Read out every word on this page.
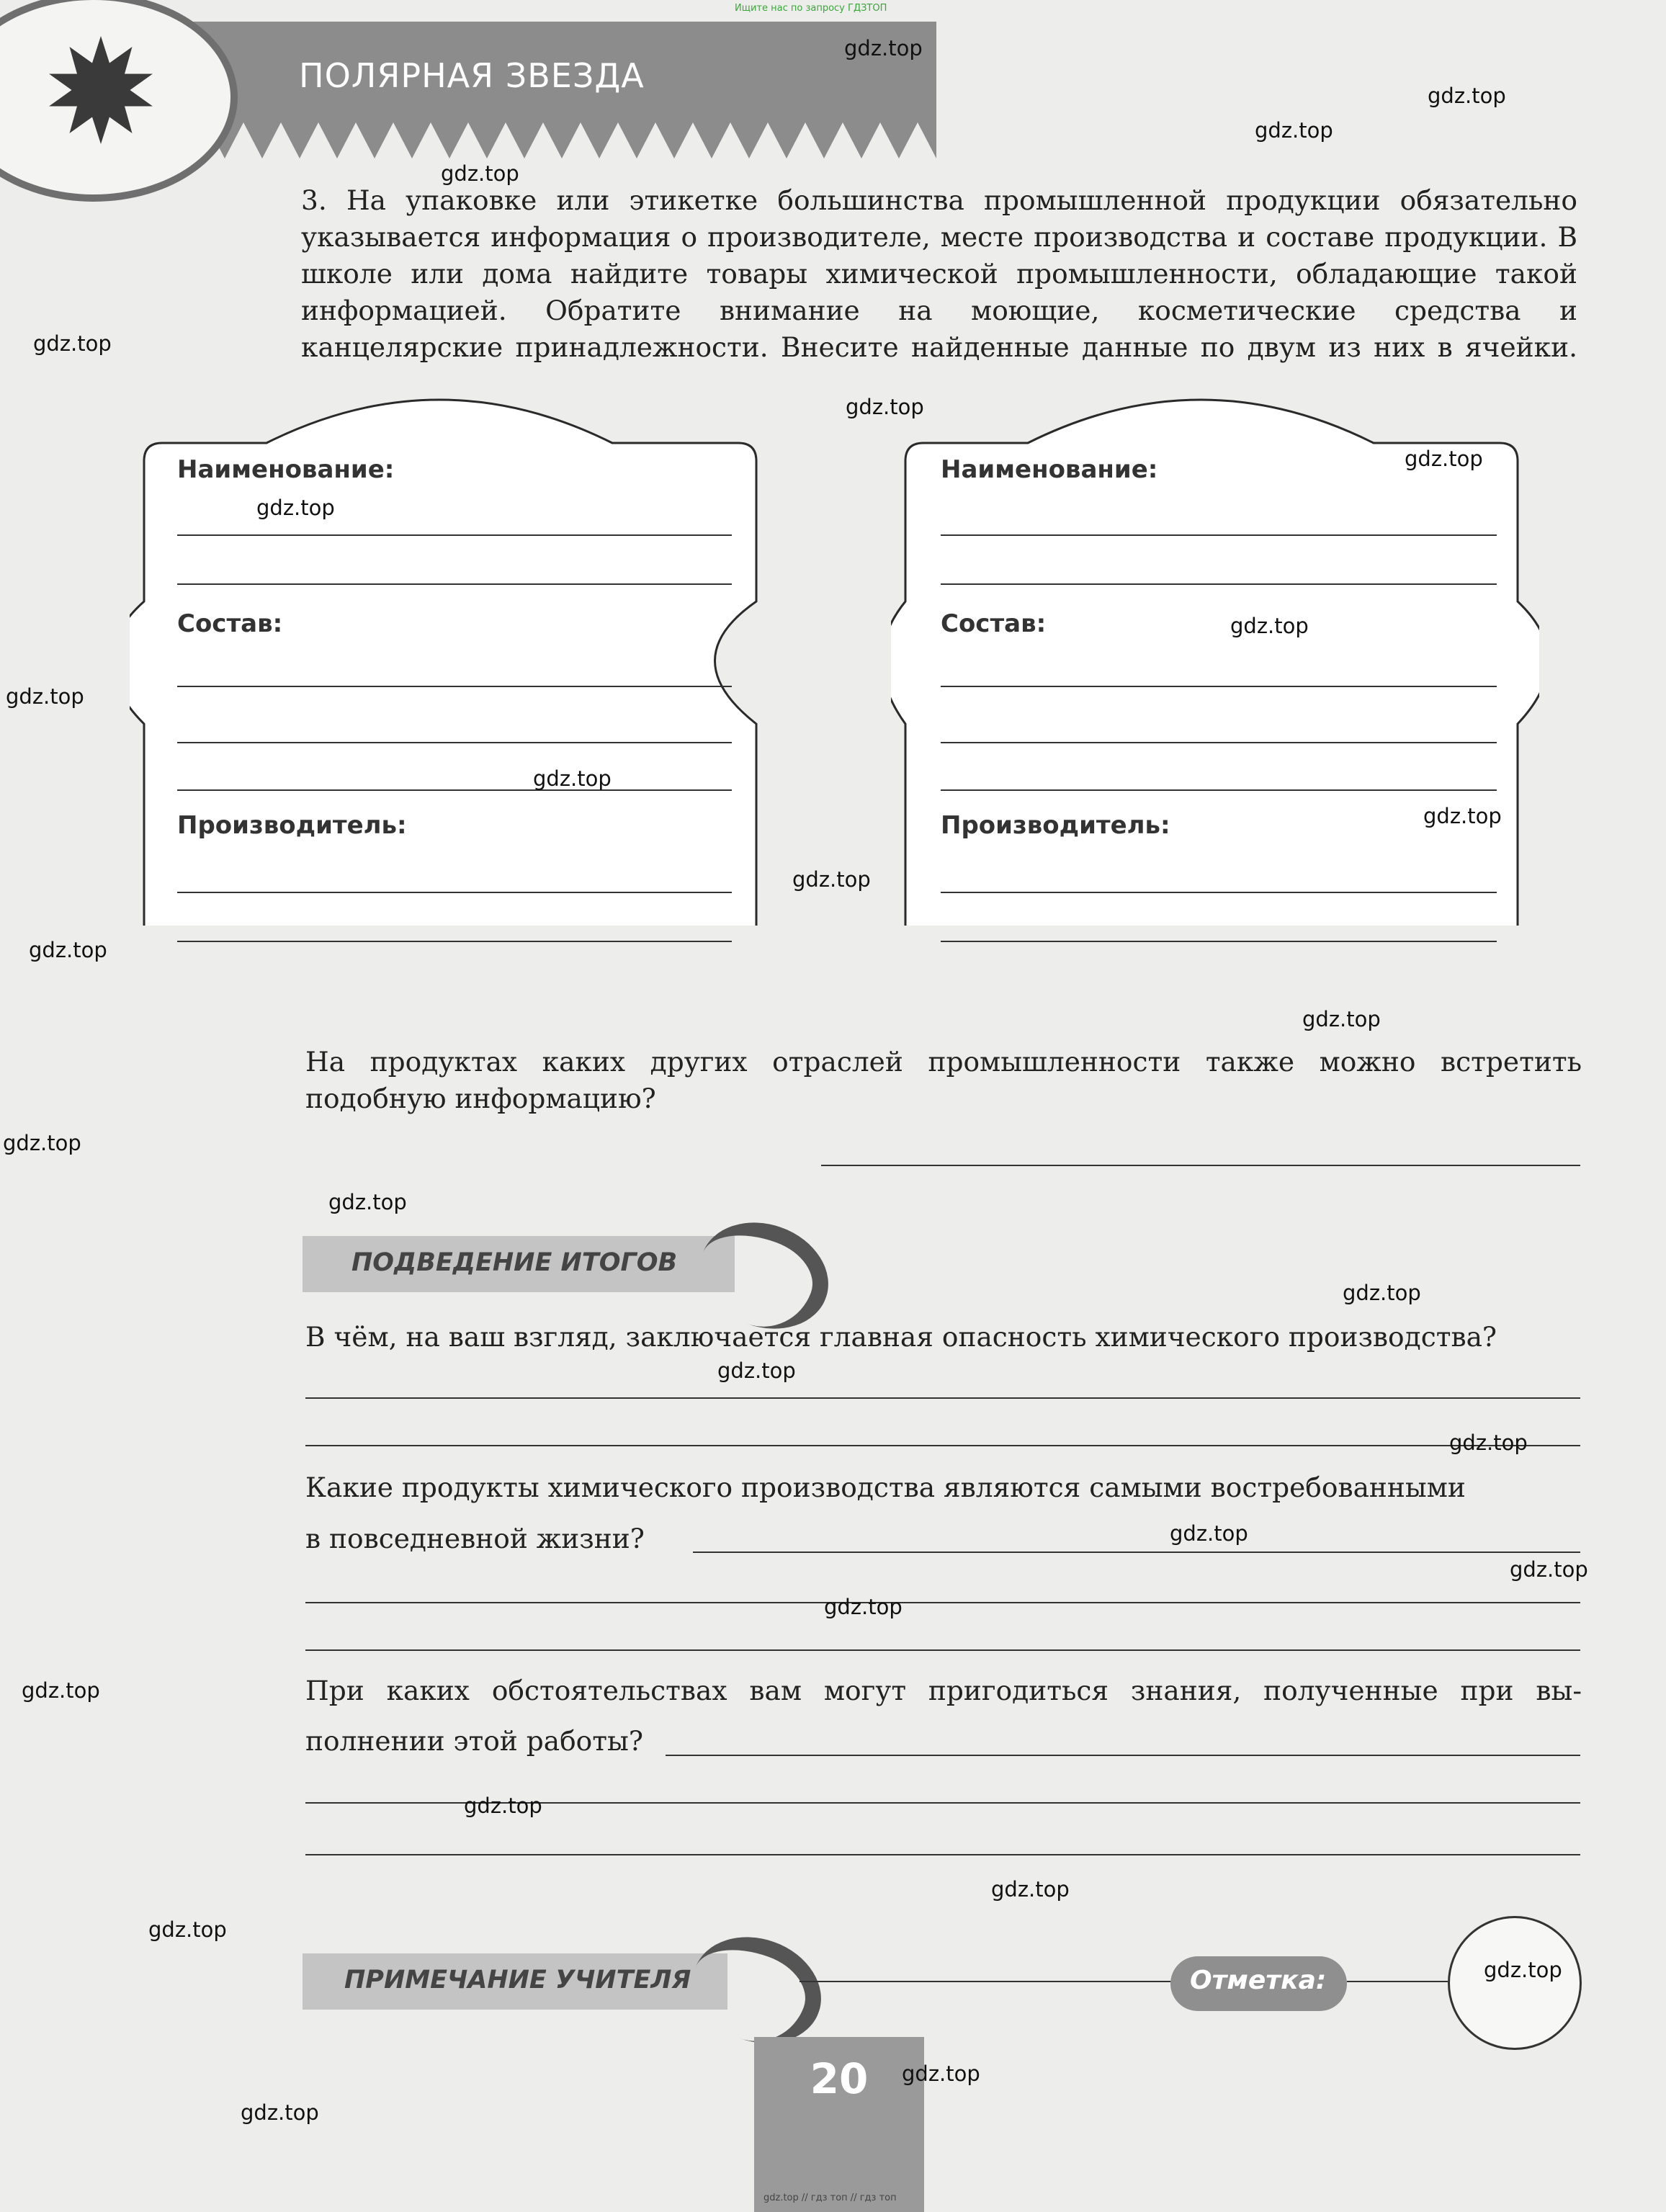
ПОЛЯРНАЯ ЗВЕЗДА
Ищите нас по запросу ГДЗТОП
3. На упаковке или этикетке большинства промышленной продукции обязательно указывается информация о производителе, месте производства и составе продукции. В школе или дома найдите товары химической промышленности, обладающие такой информацией. Обратите внимание на моющие, косметические средства и канцелярские принадлежности. Внесите найденные данные по двум из них в ячейки.
Наименование:
Состав:
Производитель:
Наименование:
Состав:
Производитель:
На продуктах каких других отраслей промышленности также можно встретить подобную информацию?
ПОДВЕДЕНИЕ ИТОГОВ
В чём, на ваш взгляд, заключается главная опасность химического производства?
Какие продукты химического производства являются самыми востребованными
в повседневной жизни?
При каких обстоятельствах вам могут пригодиться знания, полученные при вы-
полнении этой работы?
ПРИМЕЧАНИЕ УЧИТЕЛЯ	Отметка:
20
gdz.top // гдз топ // гдз топ
gdz.top
gdz.top
gdz.top
gdz.top
gdz.top
gdz.top
gdz.top
gdz.top
gdz.top
gdz.top
gdz.top
gdz.top
gdz.top
gdz.top
gdz.top
gdz.top
gdz.top
gdz.top
gdz.top
gdz.top
gdz.top
gdz.top
gdz.top
gdz.top
gdz.top
gdz.top
gdz.top
gdz.top
gdz.top
gdz.top
